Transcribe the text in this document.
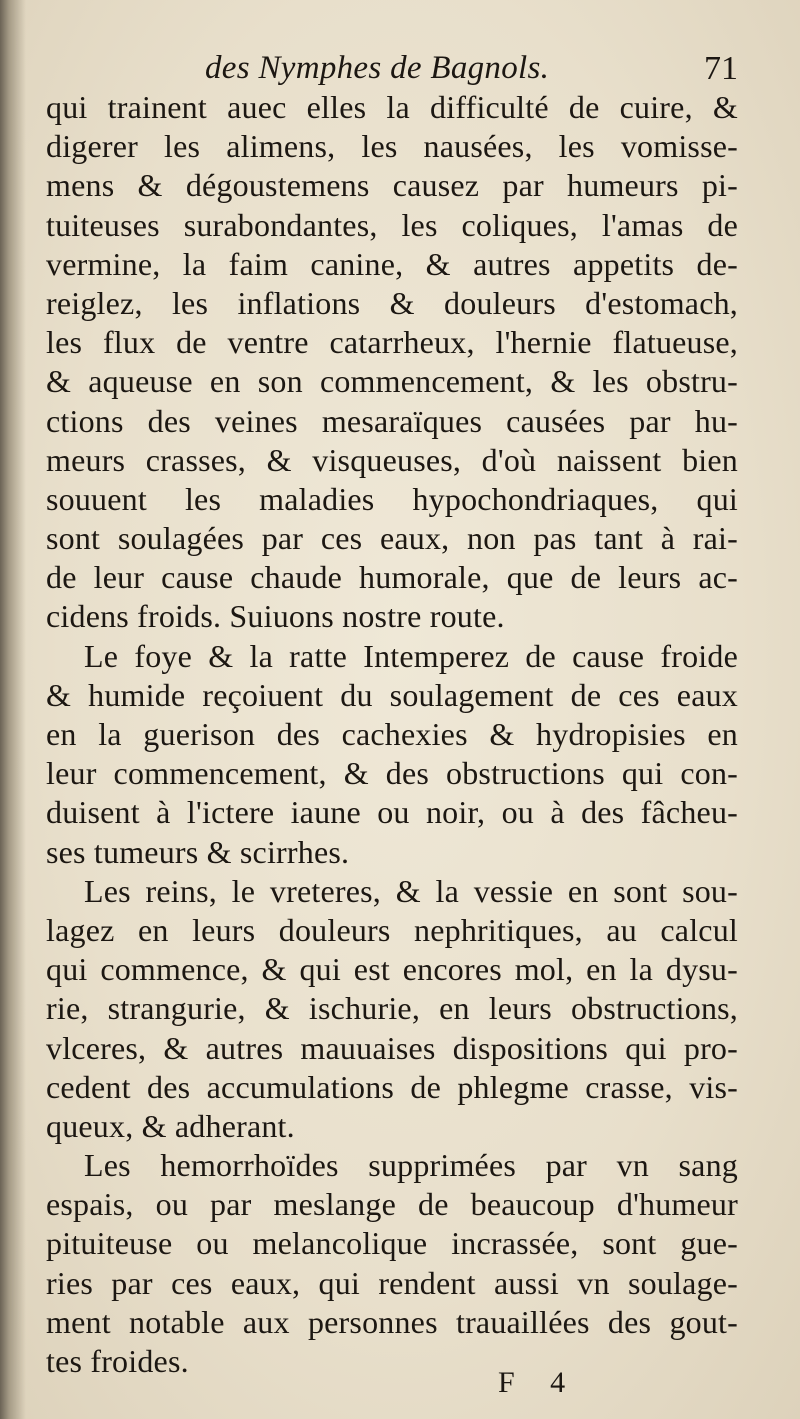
des Nymphes de Bagnols.	71
qui trainent auec elles la difficulté de cuire, &
digerer les alimens, les nausées, les vomisse-
mens & dégoustemens causez par humeurs pi-
tuiteuses surabondantes, les coliques, l'amas de
vermine, la faim canine, & autres appetits de-
reiglez, les inflations & douleurs d'estomach,
les flux de ventre catarrheux, l'hernie flatueuse,
& aqueuse en son commencement, & les obstru-
ctions des veines mesaraïques causées par hu-
meurs crasses, & visqueuses, d'où naissent bien
souuent les maladies hypochondriaques, qui
sont soulagées par ces eaux, non pas tant à rai-
de leur cause chaude humorale, que de leurs ac-
cidens froids. Suiuons nostre route.
Le foye & la ratte Intemperez de cause froide
& humide reçoiuent du soulagement de ces eaux
en la guerison des cachexies & hydropisies en
leur commencement, & des obstructions qui con-
duisent à l'ictere iaune ou noir, ou à des fâcheu-
ses tumeurs & scirrhes.
Les reins, le vreteres, & la vessie en sont sou-
lagez en leurs douleurs nephritiques, au calcul
qui commence, & qui est encores mol, en la dysu-
rie, strangurie, & ischurie, en leurs obstructions,
vlceres, & autres mauuaises dispositions qui pro-
cedent des accumulations de phlegme crasse, vis-
queux, & adherant.
Les hemorrhoïdes supprimées par vn sang
espais, ou par meslange de beaucoup d'humeur
pituiteuse ou melancolique incrassée, sont gue-
ries par ces eaux, qui rendent aussi vn soulage-
ment notable aux personnes trauaillées des gout-
tes froides.
F 4
